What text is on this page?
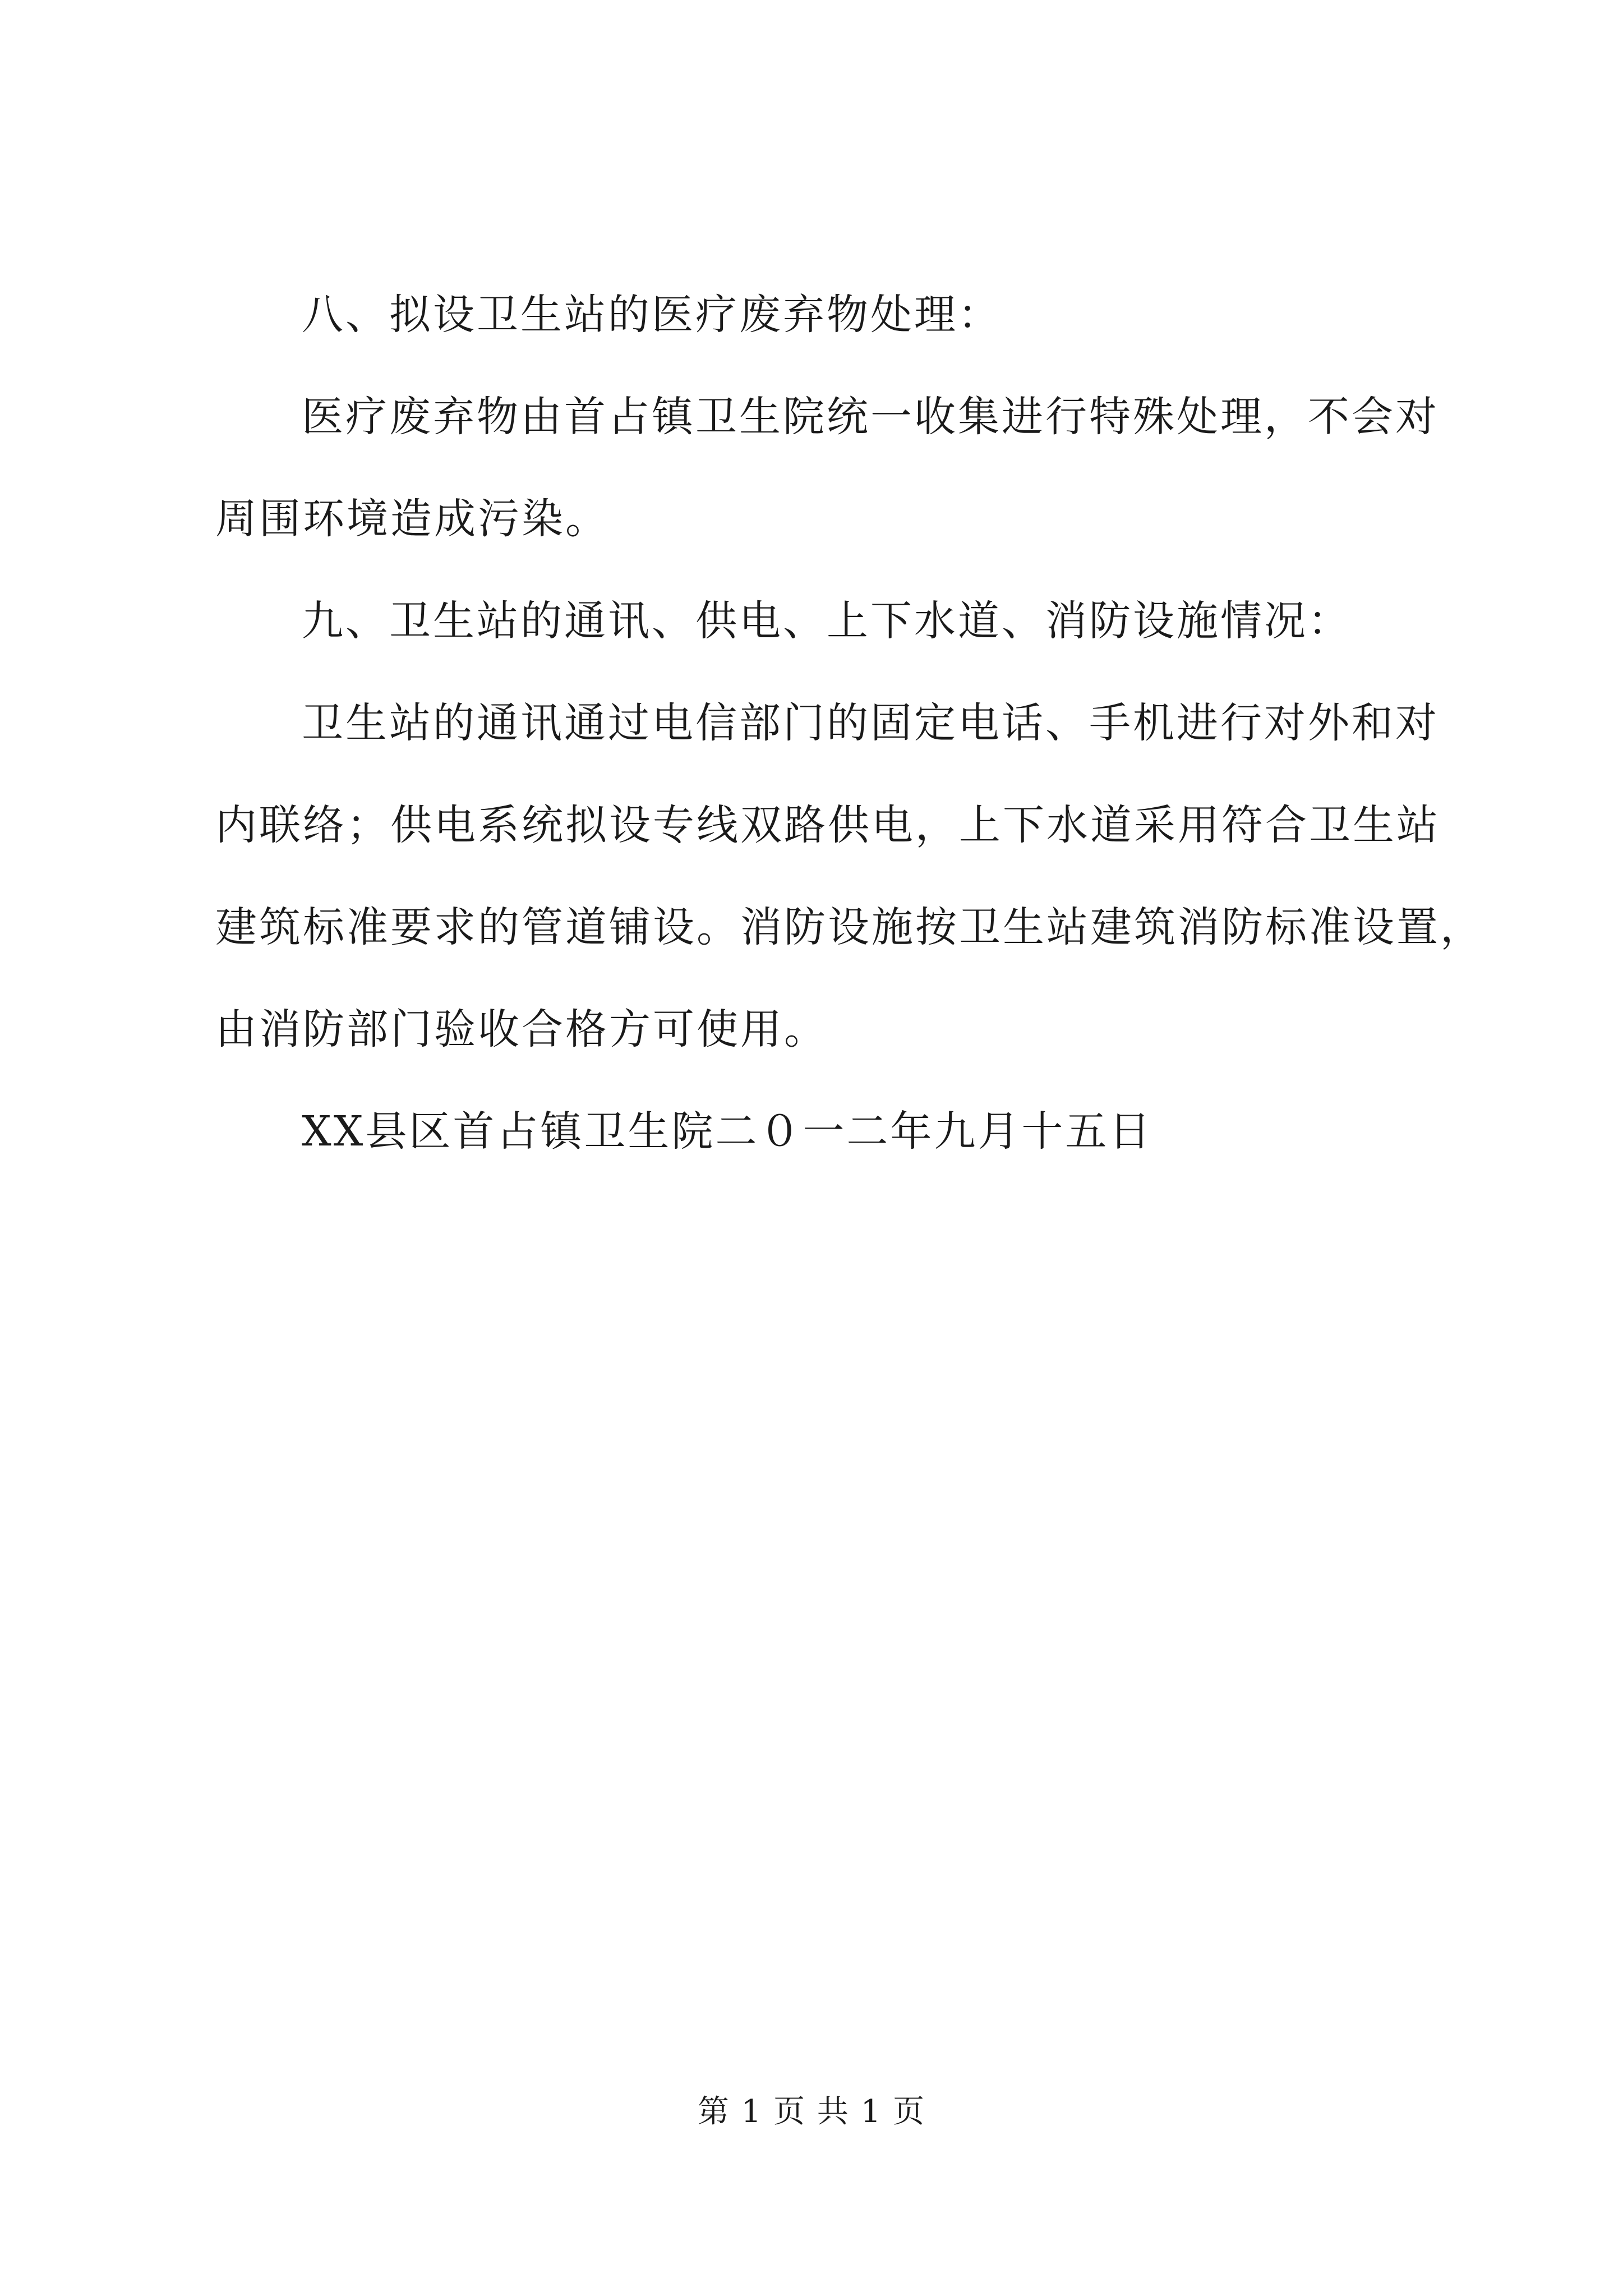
八、拟设卫生站的医疗废弃物处理：

医疗废弃物由首占镇卫生院统一收集进行特殊处理，不会对

周围环境造成污染。

九、卫生站的通讯、供电、上下水道、消防设施情况：

卫生站的通讯通过电信部门的固定电话、手机进行对外和对

内联络；供电系统拟设专线双路供电，上下水道采用符合卫生站

建筑标准要求的管道铺设。消防设施按卫生站建筑消防标准设置，

由消防部门验收合格方可使用。

XX县区首占镇卫生院二０一二年九月十五日

第 1 页 共 1 页
